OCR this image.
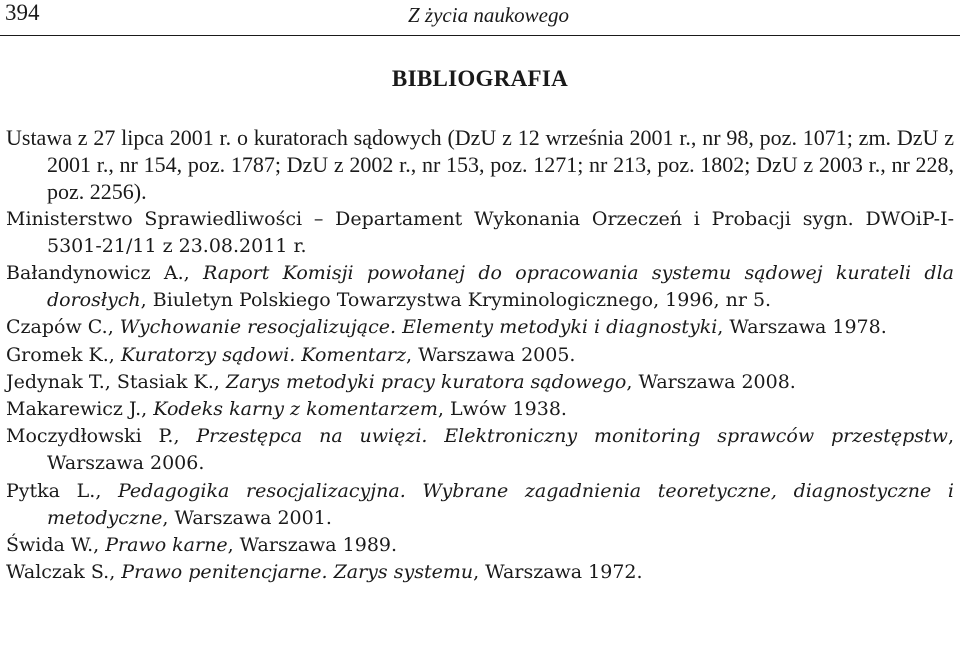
394	Z życia naukowego
BIBLIOGRAFIA
Ustawa z 27 lipca 2001 r. o kuratorach sądowych (DzU z 12 września 2001 r., nr 98, poz. 1071; zm. DzU z 2001 r., nr 154, poz. 1787; DzU z 2002 r., nr 153, poz. 1271; nr 213, poz. 1802; DzU z 2003 r., nr 228, poz. 2256).
Ministerstwo Sprawiedliwości – Departament Wykonania Orzeczeń i Probacji sygn. DWOiP-I-5301-21/11 z 23.08.2011 r.
Bałandynowicz A., Raport Komisji powołanej do opracowania systemu sądowej kurateli dla dorosłych, Biuletyn Polskiego Towarzystwa Kryminologicznego, 1996, nr 5.
Czapów C., Wychowanie resocjalizujące. Elementy metodyki i diagnostyki, Warszawa 1978.
Gromek K., Kuratorzy sądowi. Komentarz, Warszawa 2005.
Jedynak T., Stasiak K., Zarys metodyki pracy kuratora sądowego, Warszawa 2008.
Makarewicz J., Kodeks karny z komentarzem, Lwów 1938.
Moczydłowski P., Przestępca na uwięzi. Elektroniczny monitoring sprawców przestępstw, Warszawa 2006.
Pytka L., Pedagogika resocjalizacyjna. Wybrane zagadnienia teoretyczne, diagnostyczne i metodyczne, Warszawa 2001.
Świda W., Prawo karne, Warszawa 1989.
Walczak S., Prawo penitencjarne. Zarys systemu, Warszawa 1972.
